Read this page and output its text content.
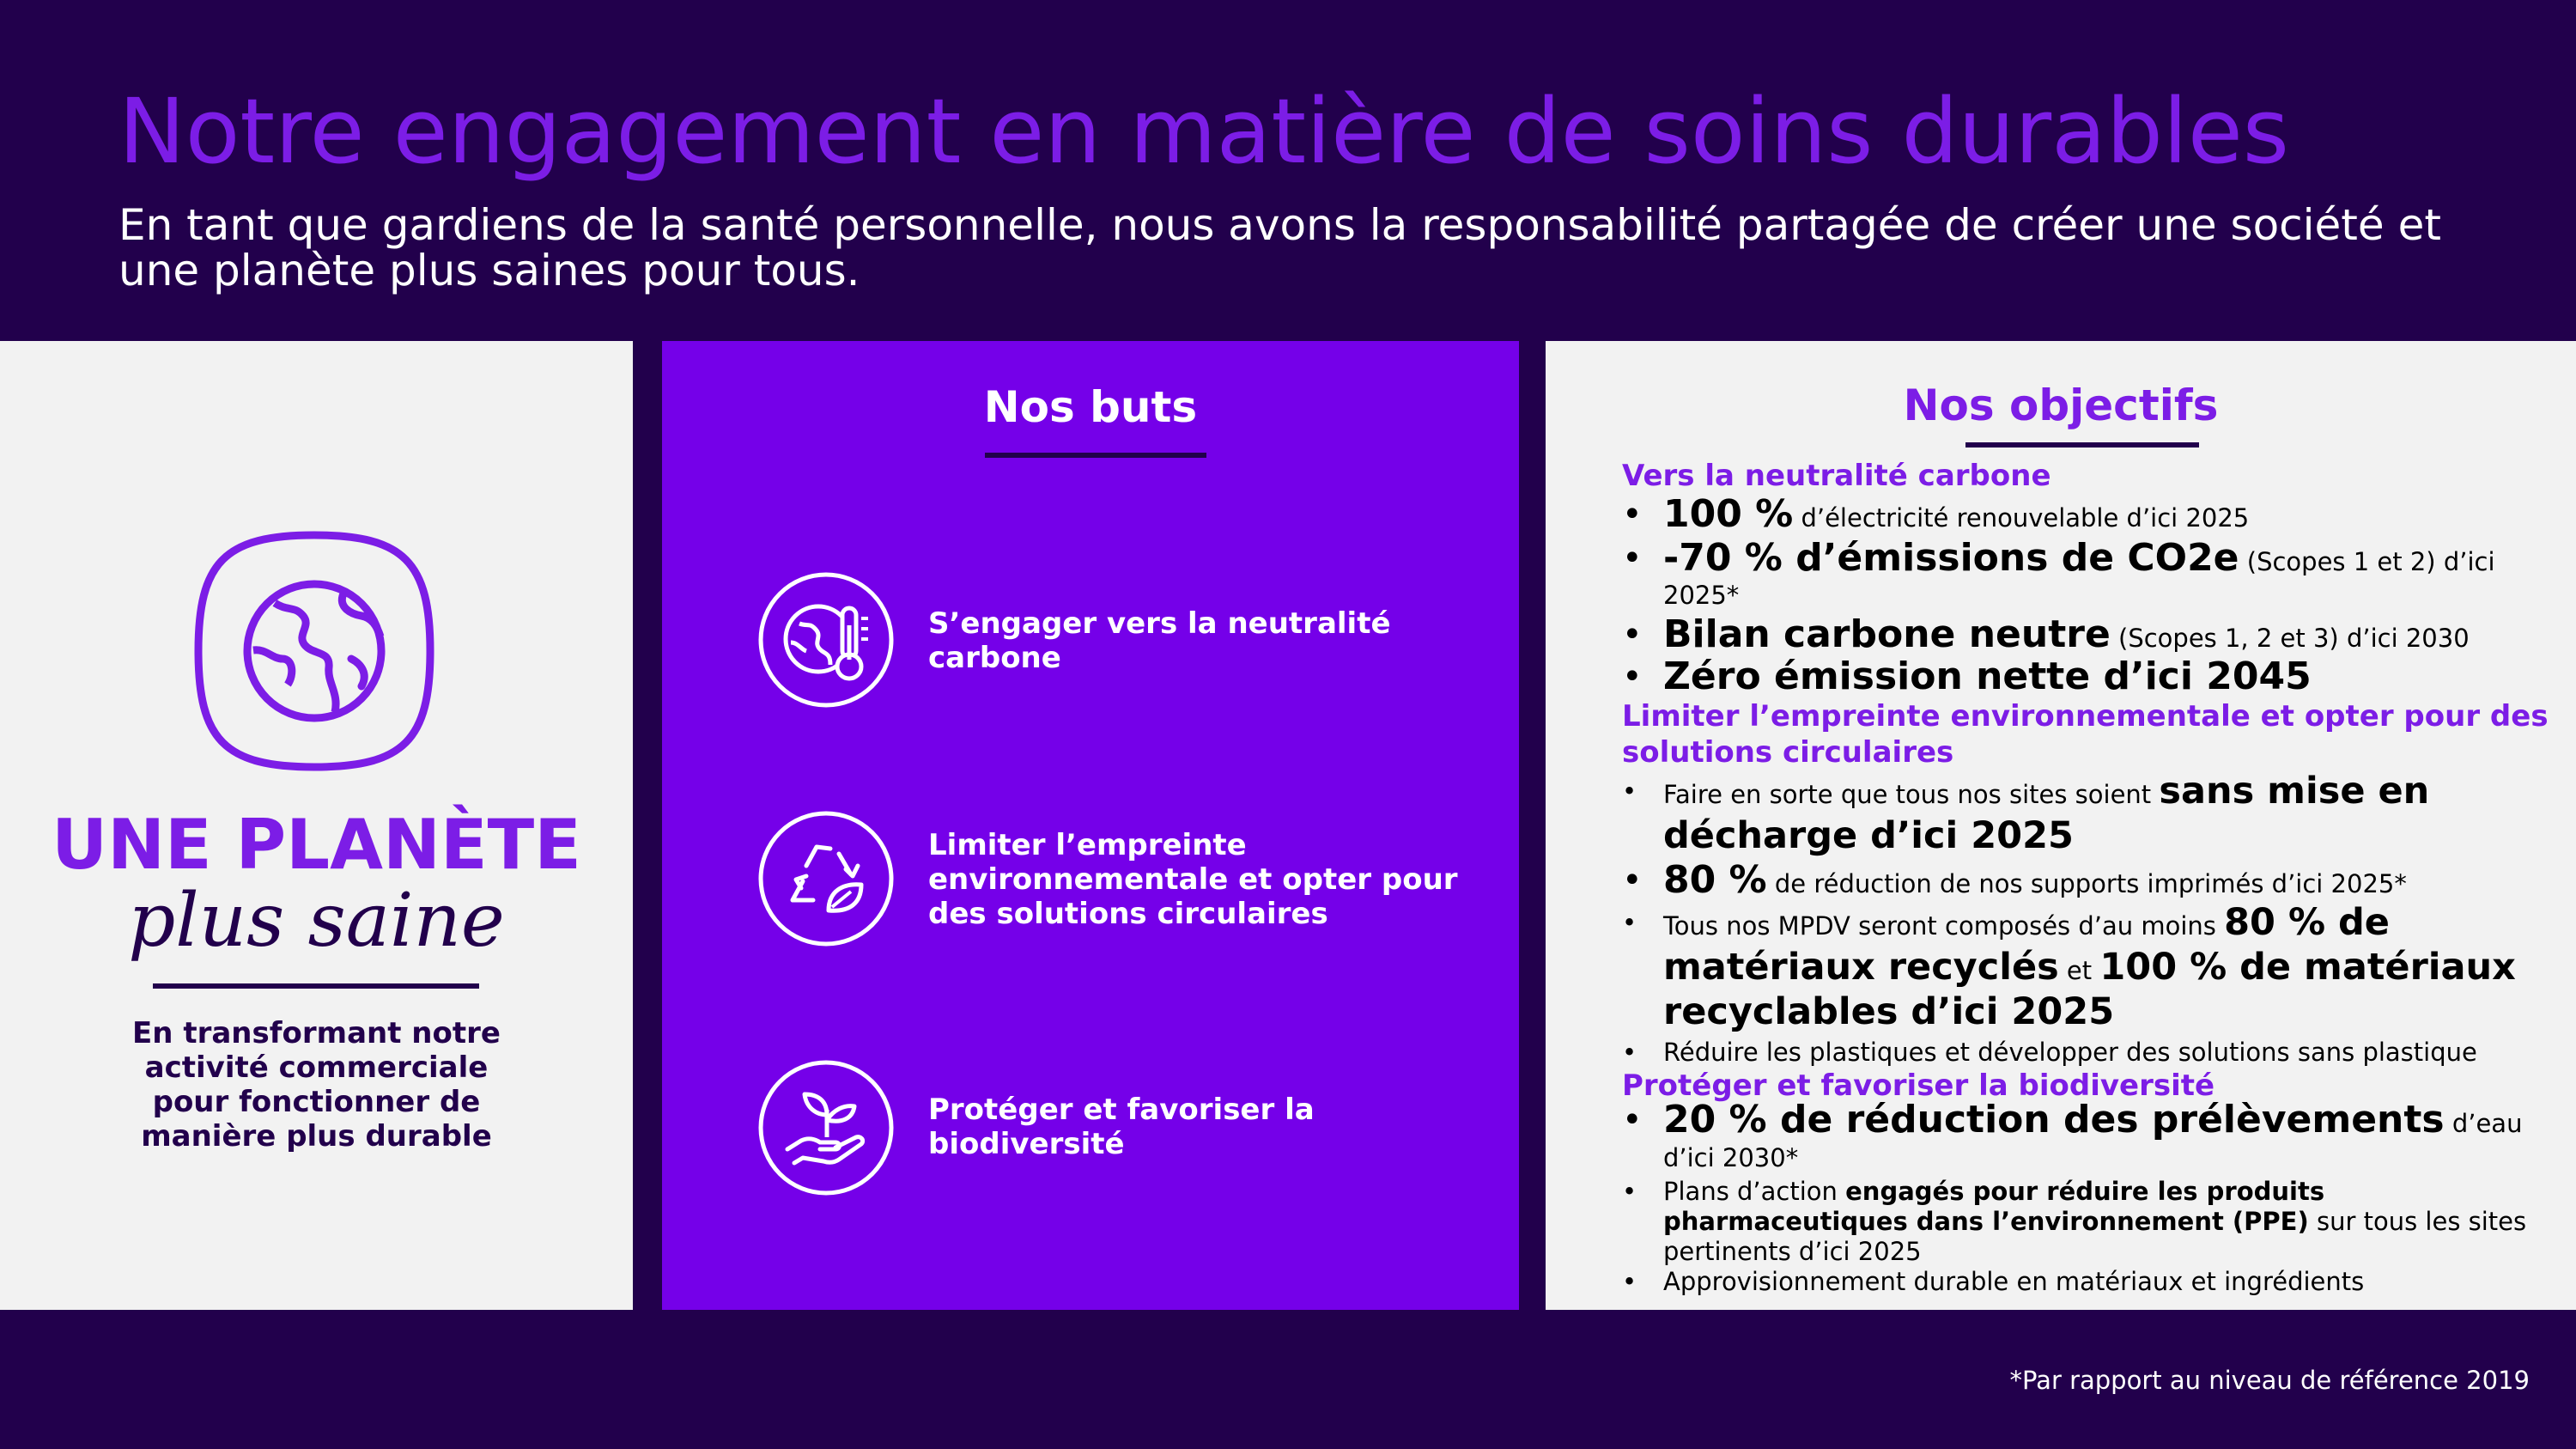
Notre engagement en matière de soins durables
En tant que gardiens de la santé personnelle, nous avons la responsabilité partagée de créer une société et une planète plus saines pour tous.
UNE PLANÈTE
plus saine
En transformant notre activité commerciale pour fonctionner de manière plus durable
Nos buts
S’engager vers la neutralité carbone
Limiter l’empreinte environnementale et opter pour des solutions circulaires
Protéger et favoriser la biodiversité
Nos objectifs

Vers la neutralité carbone

• 100 % d’électricité renouvelable d’ici 2025
• -70 % d’émissions de CO2e (Scopes 1 et 2) d’ici 2025*
• Bilan carbone neutre (Scopes 1, 2 et 3) d’ici 2030
• Zéro émission nette d’ici 2045

Limiter l’empreinte environnementale et opter pour des solutions circulaires

• Faire en sorte que tous nos sites soient sans mise en décharge d’ici 2025
• 80 % de réduction de nos supports imprimés d’ici 2025*
• Tous nos MPDV seront composés d’au moins 80 % de matériaux recyclés et 100 % de matériaux recyclables d’ici 2025
• Réduire les plastiques et développer des solutions sans plastique

Protéger et favoriser la biodiversité

• 20 % de réduction des prélèvements d’eau d’ici 2030*
• Plans d’action engagés pour réduire les produits pharmaceutiques dans l’environnement (PPE) sur tous les sites pertinents d’ici 2025
• Approvisionnement durable en matériaux et ingrédients
*Par rapport au niveau de référence 2019
